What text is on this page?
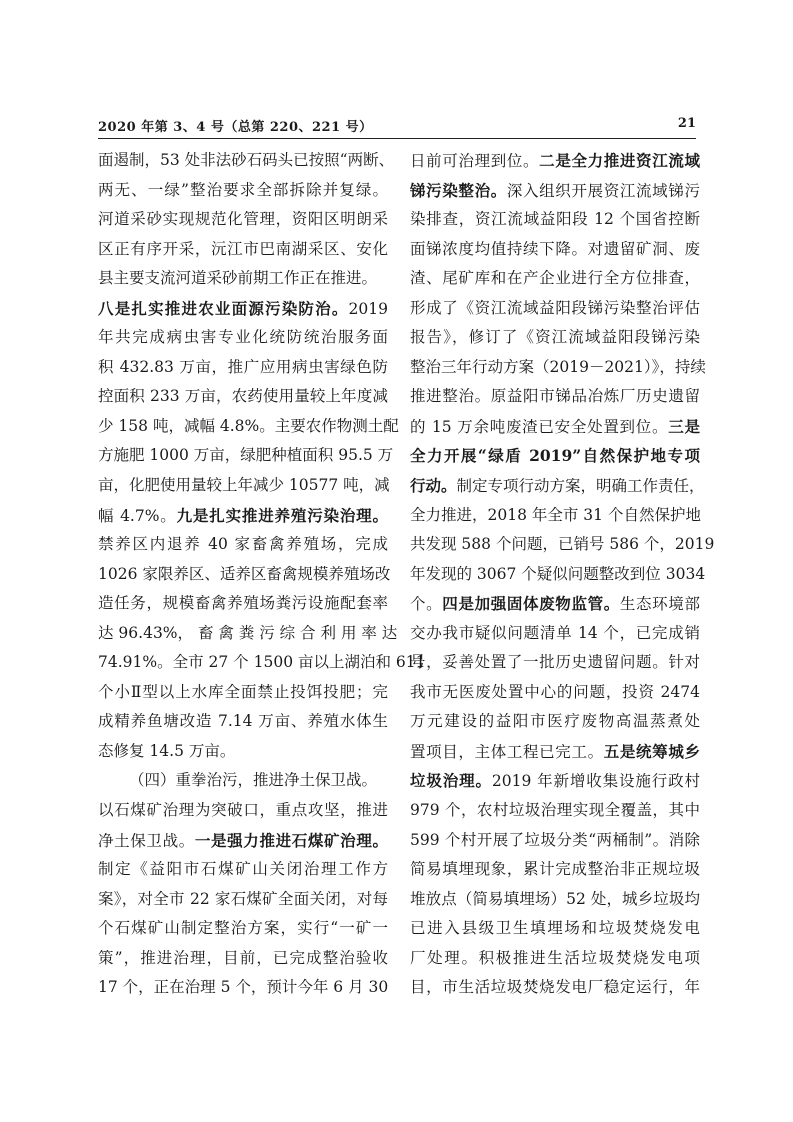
2020 年第 3、4 号（总第 220、221 号）	21
面遏制，53 处非法砂石码头已按照“两断、
两无、一绿”整治要求全部拆除并复绿。
河道采砂实现规范化管理，资阳区明朗采
区正有序开采，沅江市巴南湖采区、安化
县主要支流河道采砂前期工作正在推进。
八是扎实推进农业面源污染防治。2019
年共完成病虫害专业化统防统治服务面
积 432.83 万亩，推广应用病虫害绿色防
控面积 233 万亩，农药使用量较上年度减
少 158 吨，减幅 4.8%。主要农作物测土配
方施肥 1000 万亩，绿肥种植面积 95.5 万
亩，化肥使用量较上年减少 10577 吨，减
幅 4.7%。九是扎实推进养殖污染治理。
禁养区内退养 40 家畜禽养殖场，完成
1026 家限养区、适养区畜禽规模养殖场改
造任务，规模畜禽养殖场粪污设施配套率
达 96.43%， 畜 禽 粪 污 综 合 利 用 率 达
74.91%。全市 27 个 1500 亩以上湖泊和 611
个小Ⅱ型以上水库全面禁止投饵投肥；完
成精养鱼塘改造 7.14 万亩、养殖水体生
态修复 14.5 万亩。
（四）重拳治污，推进净土保卫战。
以石煤矿治理为突破口，重点攻坚，推进
净土保卫战。一是强力推进石煤矿治理。
制定《益阳市石煤矿山关闭治理工作方
案》，对全市 22 家石煤矿全面关闭，对每
个石煤矿山制定整治方案，实行“一矿一
策”，推进治理，目前，已完成整治验收
17 个，正在治理 5 个，预计今年 6 月 30
日前可治理到位。二是全力推进资江流域
锑污染整治。深入组织开展资江流域锑污
染排查，资江流域益阳段 12 个国省控断
面锑浓度均值持续下降。对遗留矿洞、废
渣、尾矿库和在产企业进行全方位排查，
形成了《资江流域益阳段锑污染整治评估
报告》，修订了《资江流域益阳段锑污染
整治三年行动方案（2019－2021）》，持续
推进整治。原益阳市锑品冶炼厂历史遗留
的 15 万余吨废渣已安全处置到位。三是
全力开展“绿盾 2019”自然保护地专项
行动。制定专项行动方案，明确工作责任，
全力推进，2018 年全市 31 个自然保护地
共发现 588 个问题，已销号 586 个，2019
年发现的 3067 个疑似问题整改到位 3034
个。四是加强固体废物监管。生态环境部
交办我市疑似问题清单 14 个，已完成销
号，妥善处置了一批历史遗留问题。针对
我市无医废处置中心的问题，投资 2474
万元建设的益阳市医疗废物高温蒸煮处
置项目，主体工程已完工。五是统筹城乡
垃圾治理。2019 年新增收集设施行政村
979 个，农村垃圾治理实现全覆盖，其中
599 个村开展了垃圾分类“两桶制”。消除
简易填埋现象，累计完成整治非正规垃圾
堆放点（简易填埋场）52 处，城乡垃圾均
已进入县级卫生填埋场和垃圾焚烧发电
厂处理。积极推进生活垃圾焚烧发电项
目，市生活垃圾焚烧发电厂稳定运行，年
